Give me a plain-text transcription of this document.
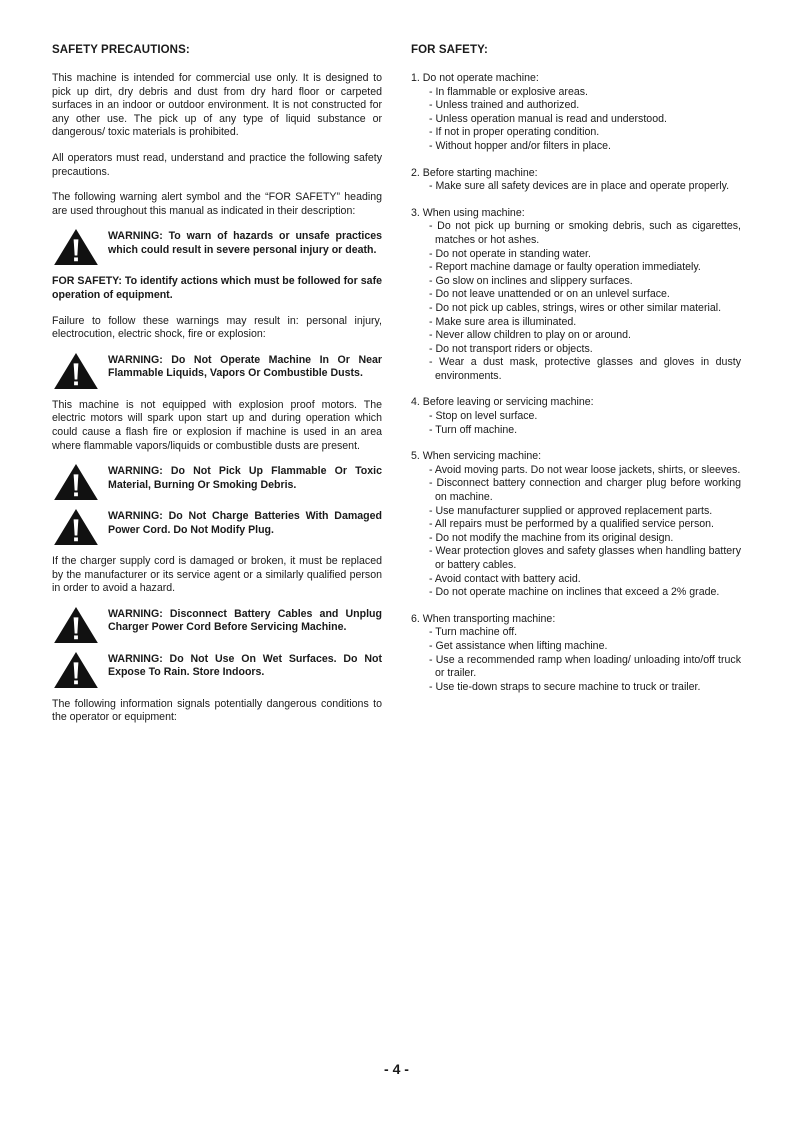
SAFETY PRECAUTIONS:

This machine is intended for commercial use only. It is designed to pick up dirt, dry debris and dust from dry hard floor or carpeted surfaces in an indoor or outdoor environment. It is not constructed for any other use. The pick up of any type of liquid substance or dangerous/ toxic materials is prohibited.

All operators must read, understand and practice the following safety precautions.

The following warning alert symbol and the “FOR SAFETY” heading are used throughout this manual as indicated in their description:

WARNING: To warn of hazards or unsafe practices which could result in severe personal injury or death.

FOR SAFETY: To identify actions which must be followed for safe operation of equipment.

Failure to follow these warnings may result in: personal injury, electrocution, electric shock, fire or explosion:

WARNING: Do Not Operate Machine In Or Near Flammable Liquids, Vapors Or Combustible Dusts.

This machine is not equipped with explosion proof motors. The electric motors will spark upon start up and during operation which could cause a flash fire or explosion if machine is used in an area where flammable vapors/liquids or combustible dusts are present.

WARNING: Do Not Pick Up Flammable Or Toxic Material, Burning Or Smoking Debris.
WARNING: Do Not Charge Batteries With Damaged Power Cord. Do Not Modify Plug.

If the charger supply cord is damaged or broken, it must be replaced by the manufacturer or its service agent or a similarly qualified person in order to avoid a hazard.

WARNING: Disconnect Battery Cables and Unplug Charger Power Cord Before Servicing Machine.
WARNING: Do Not Use On Wet Surfaces. Do Not Expose To Rain. Store Indoors.

The following information signals potentially dangerous conditions to the operator or equipment:

FOR SAFETY:
1. Do not operate machine:
- In flammable or explosive areas.
- Unless trained and authorized.
- Unless operation manual is read and understood.
- If not in proper operating condition.
- Without hopper and/or filters in place.
2. Before starting machine:
- Make sure all safety devices are in place and operate properly.
3. When using machine:
- Do not pick up burning or smoking debris, such as cigarettes, matches or hot ashes.
- Do not operate in standing water.
- Report machine damage or faulty operation immediately.
- Go slow on inclines and slippery surfaces.
- Do not leave unattended or on an unlevel surface.
- Do not pick up cables, strings, wires or other similar material.
- Make sure area is illuminated.
- Never allow children to play on or around.
- Do not transport riders or objects.
- Wear a dust mask, protective glasses and gloves in dusty environments.
4. Before leaving or servicing machine:
- Stop on level surface.
- Turn off machine.
5. When servicing machine:
- Avoid moving parts. Do not wear loose jackets, shirts, or sleeves.
- Disconnect battery connection and charger plug before working on machine.
- Use manufacturer supplied or approved replacement parts.
- All repairs must be performed by a qualified service person.
- Do not modify the machine from its original design.
- Wear protection gloves and safety glasses when handling battery or battery cables.
- Avoid contact with battery acid.
- Do not operate machine on inclines that exceed a 2% grade.
6. When transporting machine:
- Turn machine off.
- Get assistance when lifting machine.
- Use a recommended ramp when loading/ unloading into/off truck or trailer.
- Use tie-down straps to secure machine to truck or trailer.
- 4 -
